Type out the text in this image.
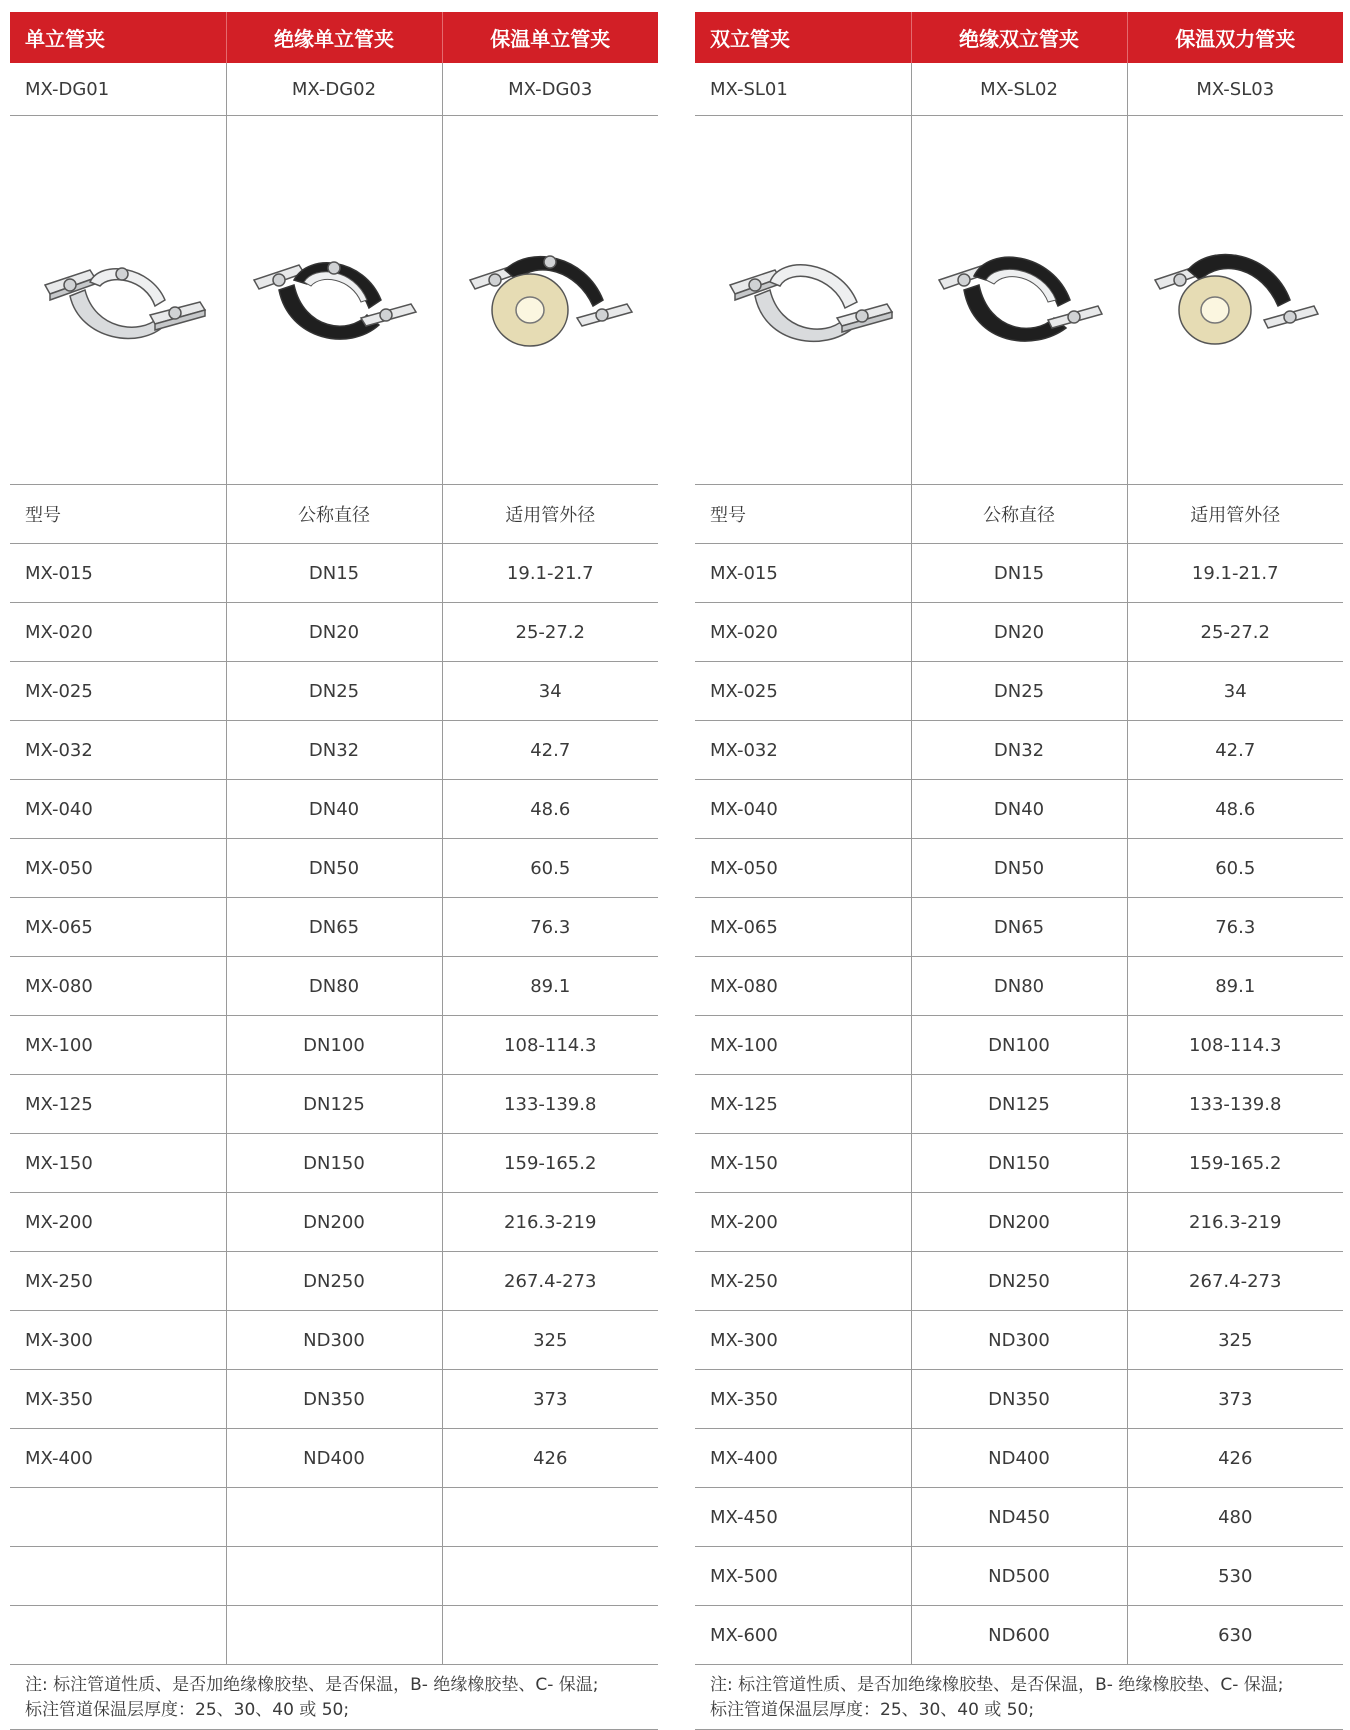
单立管夹	绝缘单立管夹	保温单立管夹
MX-DG01	MX-DG02	MX-DG03

型号	公称直径	适用管外径
MX-015	DN15	19.1-21.7
MX-020	DN20	25-27.2
MX-025	DN25	34
MX-032	DN32	42.7
MX-040	DN40	48.6
MX-050	DN50	60.5
MX-065	DN65	76.3
MX-080	DN80	89.1
MX-100	DN100	108-114.3
MX-125	DN125	133-139.8
MX-150	DN150	159-165.2
MX-200	DN200	216.3-219
MX-250	DN250	267.4-273
MX-300	ND300	325
MX-350	DN350	373
MX-400	ND400	426

注: 标注管道性质、是否加绝缘橡胶垫、是否保温，B- 绝缘橡胶垫、C- 保温;
标注管道保温层厚度：25、30、40 或 50;
双立管夹	绝缘双立管夹	保温双力管夹
MX-SL01	MX-SL02	MX-SL03

型号	公称直径	适用管外径
MX-015	DN15	19.1-21.7
MX-020	DN20	25-27.2
MX-025	DN25	34
MX-032	DN32	42.7
MX-040	DN40	48.6
MX-050	DN50	60.5
MX-065	DN65	76.3
MX-080	DN80	89.1
MX-100	DN100	108-114.3
MX-125	DN125	133-139.8
MX-150	DN150	159-165.2
MX-200	DN200	216.3-219
MX-250	DN250	267.4-273
MX-300	ND300	325
MX-350	DN350	373
MX-400	ND400	426
MX-450	ND450	480
MX-500	ND500	530
MX-600	ND600	630
注: 标注管道性质、是否加绝缘橡胶垫、是否保温，B- 绝缘橡胶垫、C- 保温;
标注管道保温层厚度：25、30、40 或 50;
